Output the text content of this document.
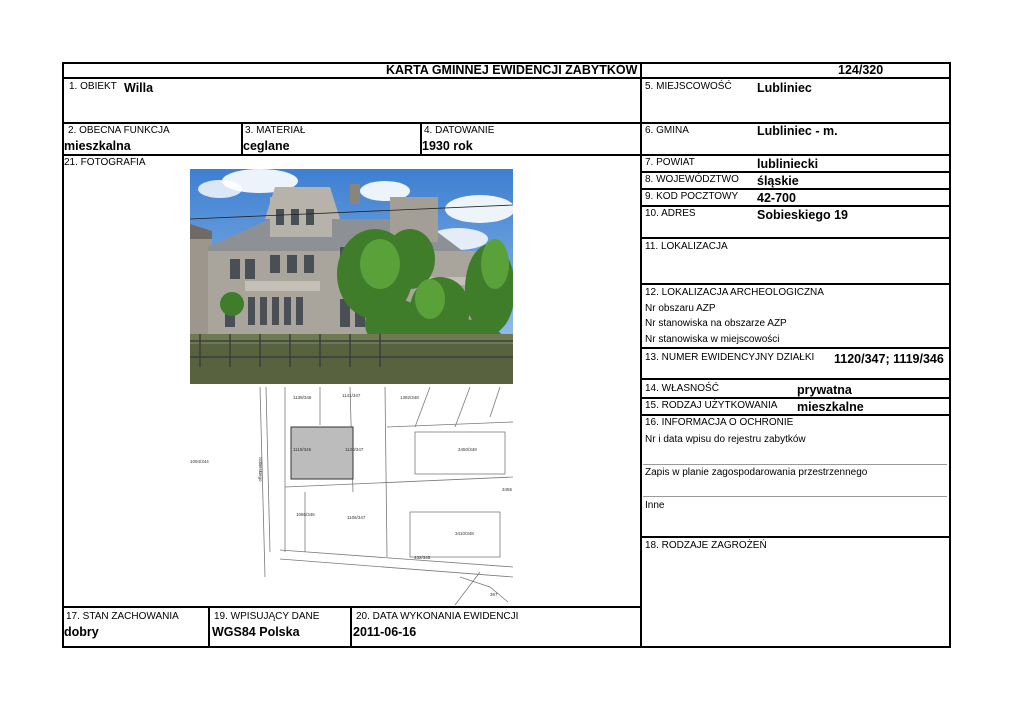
KARTA GMINNEJ EWIDENCJI ZABYTKÓW	124/320
1. OBIEKT Willa
2. OBECNA FUNKCJA
mieszkalna
3. MATERIAŁ
ceglane
4. DATOWANIE
1930 rok
21. FOTOGRAFIA
1138/346	1141/347	1392/348
1094/344
1119/346	1120/347	3450/348
3455
1086/346
1106/347
3410/348
432/345
367
Sobieskiego
5. MIEJSCOWOŚĆ Lubliniec
6. GMINA	Lubliniec - m.
7. POWIAT	lubliniecki
8. WOJEWÓDZTWO śląskie
9. KOD POCZTOWY 42-700
10. ADRES	Sobieskiego 19
11. LOKALIZACJA
12. LOKALIZACJA ARCHEOLOGICZNA
Nr obszaru AZP
Nr stanowiska na obszarze AZP
Nr stanowiska w miejscowości
13. NUMER EWIDENCYJNY DZIAŁKI 1120/347; 1119/346
14. WŁASNOŚĆ	prywatna
15. RODZAJ UŻYTKOWANIA mieszkalne
16. INFORMACJA O OCHRONIE
Nr i data wpisu do rejestru zabytków
Zapis w planie zagospodarowania przestrzennego
Inne
18. RODZAJE ZAGROŻEŃ
17. STAN ZACHOWANIA
dobry
19. WPISUJĄCY DANE
WGS84 Polska
20. DATA WYKONANIA EWIDENCJI
2011-06-16
